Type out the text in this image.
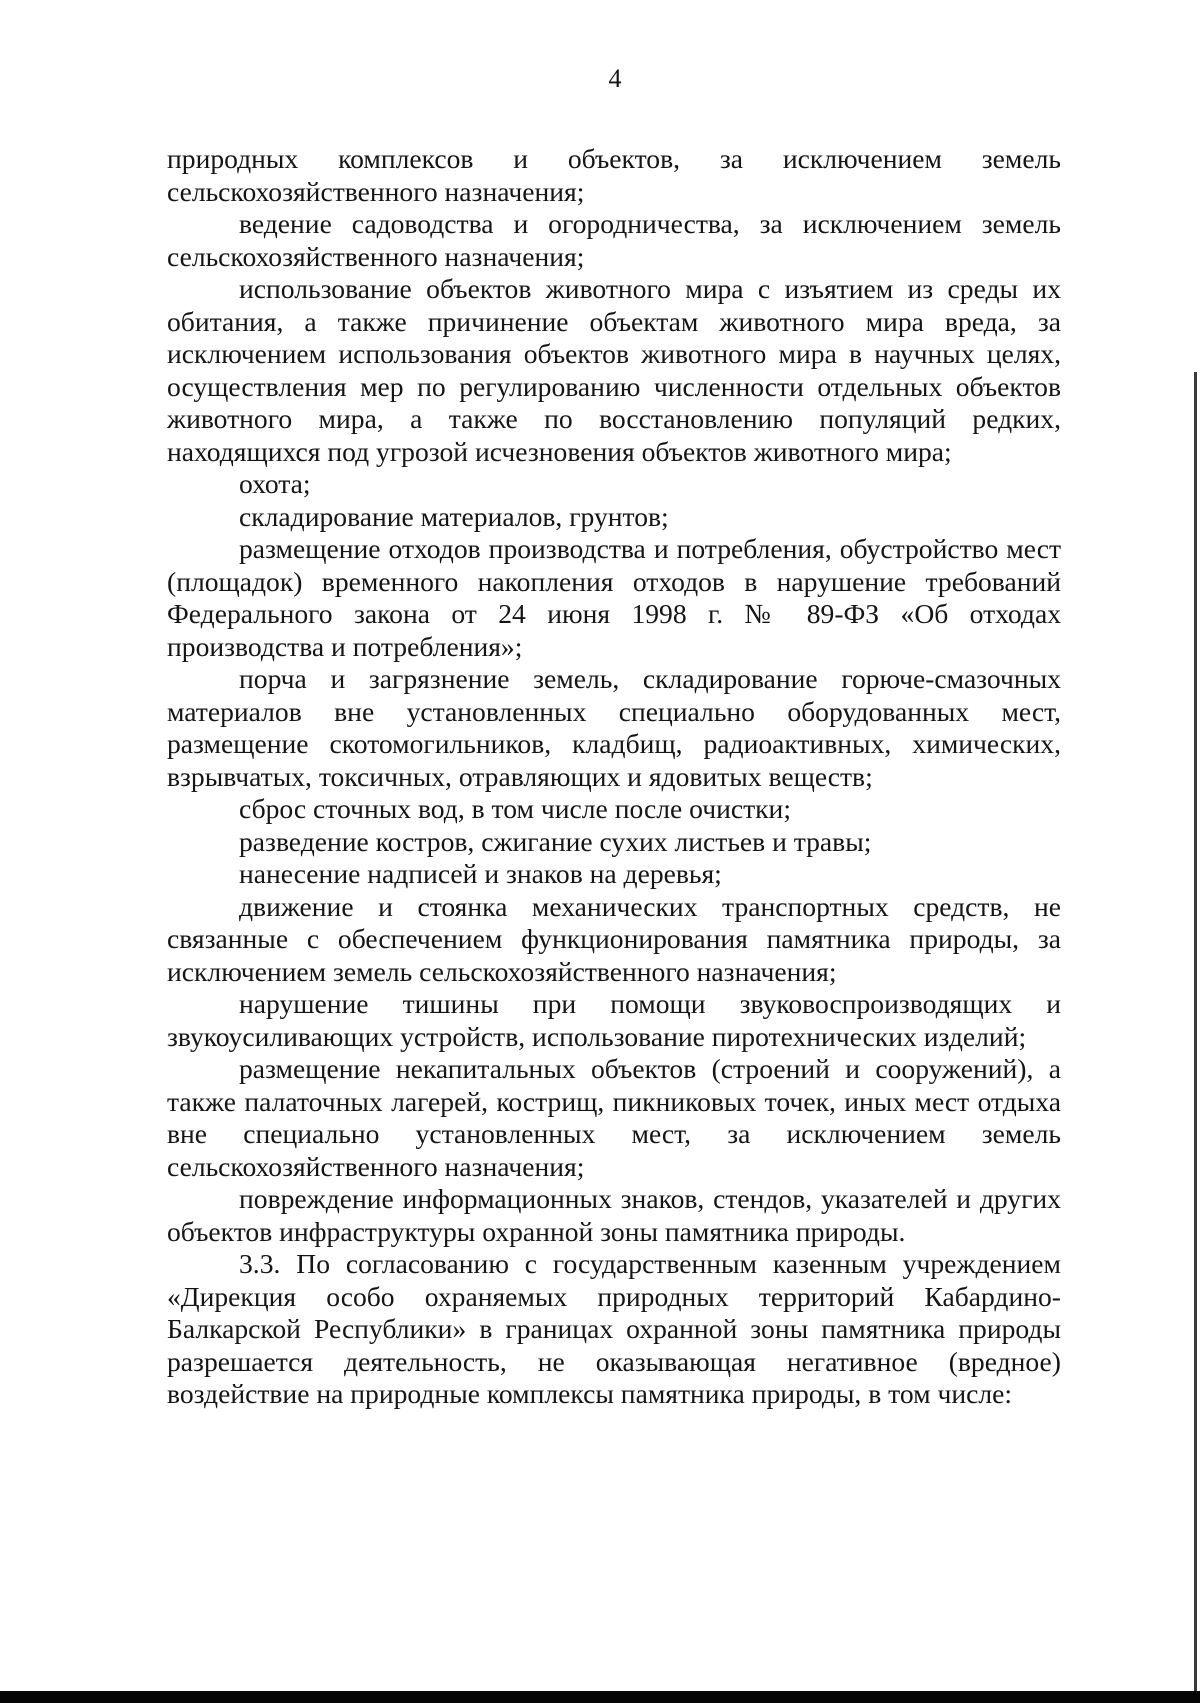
4

природных комплексов и объектов, за исключением земель сельскохозяйственного назначения;

ведение садоводства и огородничества, за исключением земель сельскохозяйственного назначения;

использование объектов животного мира с изъятием из среды их обитания, а также причинение объектам животного мира вреда, за исключением использования объектов животного мира в научных целях, осуществления мер по регулированию численности отдельных объектов животного мира, а также по восстановлению популяций редких, находящихся под угрозой исчезновения объектов животного мира;

охота;

складирование материалов, грунтов;

размещение отходов производства и потребления, обустройство мест (площадок) временного накопления отходов в нарушение требований Федерального закона от 24 июня 1998 г. № 89-ФЗ «Об отходах производства и потребления»;

порча и загрязнение земель, складирование горюче-смазочных материалов вне установленных специально оборудованных мест, размещение скотомогильников, кладбищ, радиоактивных, химических, взрывчатых, токсичных, отравляющих и ядовитых веществ;

сброс сточных вод, в том числе после очистки;

разведение костров, сжигание сухих листьев и травы;

нанесение надписей и знаков на деревья;

движение и стоянка механических транспортных средств, не связанные с обеспечением функционирования памятника природы, за исключением земель сельскохозяйственного назначения;

нарушение тишины при помощи звуковоспроизводящих и звукоусиливающих устройств, использование пиротехнических изделий;

размещение некапитальных объектов (строений и сооружений), а также палаточных лагерей, кострищ, пикниковых точек, иных мест отдыха вне специально установленных мест, за исключением земель сельскохозяйственного назначения;

повреждение информационных знаков, стендов, указателей и других объектов инфраструктуры охранной зоны памятника природы.

3.3. По согласованию с государственным казенным учреждением «Дирекция особо охраняемых природных территорий Кабардино-Балкарской Республики» в границах охранной зоны памятника природы разрешается деятельность, не оказывающая негативное (вредное) воздействие на природные комплексы памятника природы, в том числе:
